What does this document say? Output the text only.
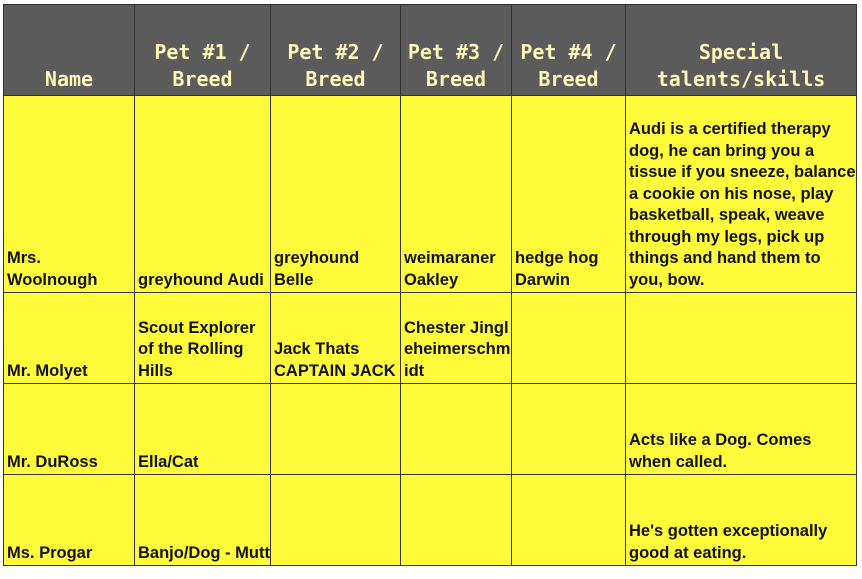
Name	Pet #1 / Breed	Pet #2 / Breed	Pet #3 / Breed	Pet #4 / Breed	Special talents/skills
Mrs. Woolnough	greyhound Audi	greyhound Belle	weimaraner Oakley	hedge hog Darwin	Audi is a certified therapy dog, he can bring you a tissue if you sneeze, balance a cookie on his nose, play basketball, speak, weave through my legs, pick up things and hand them to you, bow.
Mr. Molyet	Scout Explorer of the Rolling Hills	Jack Thats CAPTAIN JACK	Chester Jingleheimerschmidt		
Mr. DuRoss	Ella/Cat				Acts like a Dog. Comes when called.
Ms. Progar	Banjo/Dog - Mutt				He's gotten exceptionally good at eating.
